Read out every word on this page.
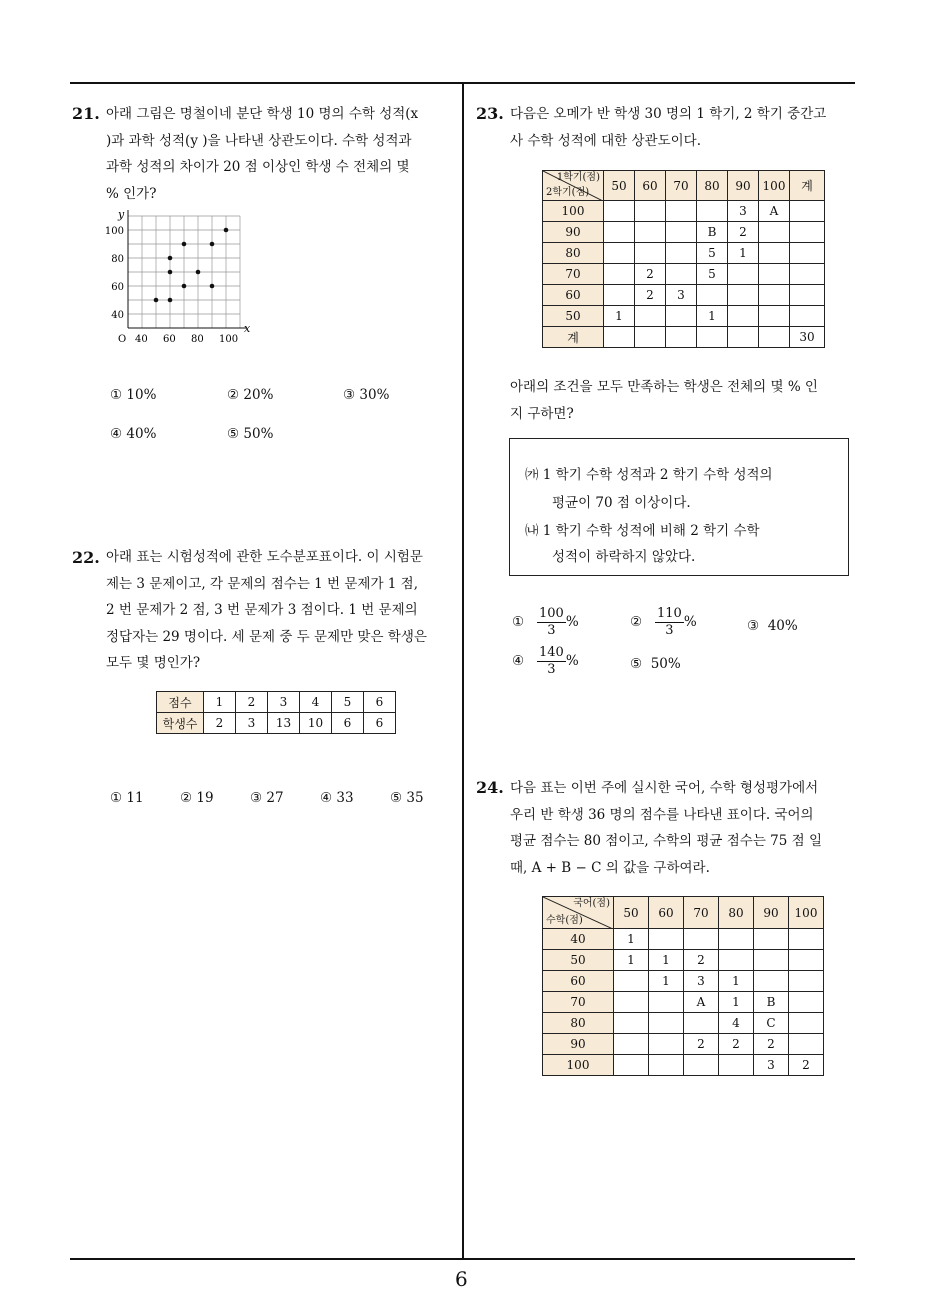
21. 아래 그림은 명철이네 분단 학생 10 명의 수학 성적(x
)과 과학 성적(y )을 나타낸 상관도이다. 수학 성적과
과학 성적의 차이가 20 점 이상인 학생 수 전체의 몇
% 인가?
x
y
O 40 60 80 100
100
80
60
40
① 10%	② 20%	③ 30%
④ 40%	⑤ 50%
22. 아래 표는 시험성적에 관한 도수분포표이다. 이 시험문
제는 3 문제이고, 각 문제의 점수는 1 번 문제가 1 점,
2 번 문제가 2 점, 3 번 문제가 3 점이다. 1 번 문제의
정답자는 29 명이다. 세 문제 중 두 문제만 맞은 학생은
모두 몇 명인가?
점수	1	2	3	4	5	6
학생수	2	3	13	10	6	6
① 11	② 19	③ 27	④ 33	⑤ 35
23. 다음은 오메가 반 학생 30 명의 1 학기, 2 학기 중간고
사 수학 성적에 대한 상관도이다.
1학기(점)
2학기(점)	50	60	70	80	90	100	계
100					3	A	
90				B	2		
80				5	1		
70		2		5			
60		2	3				
50	1			1			
계							30
아래의 조건을 모두 만족하는 학생은 전체의 몇 % 인
지 구하면?
㈎ 1 학기 수학 성적과 2 학기 수학 성적의
평균이 70 점 이상이다.
㈏ 1 학기 수학 성적에 비해 2 학기 수학
성적이 하락하지 않았다.
① $\frac{100}{3}$ %	② $\frac{110}{3}$ %	③ 40%
④ $\frac{140}{3}$ %	⑤ 50%
24. 다음 표는 이번 주에 실시한 국어, 수학 형성평가에서
우리 반 학생 36 명의 점수를 나타낸 표이다. 국어의
평균 점수는 80 점이고, 수학의 평균 점수는 75 점 일
때, A + B − C 의 값을 구하여라.
국어(점)
수학(점)	50	60	70	80	90	100
40	1					
50	1	1	2			
60		1	3	1		
70			A	1	B	
80				4	C	
90			2	2	2	
100					3	2
6
